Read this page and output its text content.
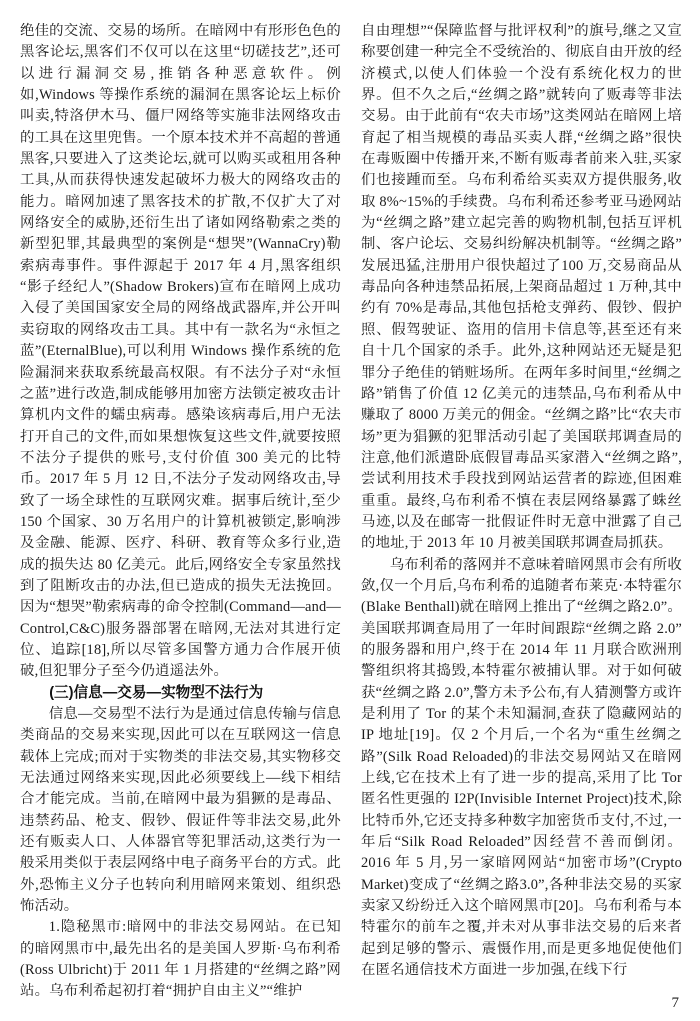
绝佳的交流、交易的场所。在暗网中有形形色色的黑客论坛,黑客们不仅可以在这里“切磋技艺”,还可以进行漏洞交易,推销各种恶意软件。例如,Windows 等操作系统的漏洞在黑客论坛上标价叫卖,特洛伊木马、僵尸网络等实施非法网络攻击的工具在这里兜售。一个原本技术并不高超的普通黑客,只要进入了这类论坛,就可以购买或租用各种工具,从而获得快速发起破坏力极大的网络攻击的能力。暗网加速了黑客技术的扩散,不仅扩大了对网络安全的威胁,还衍生出了诸如网络勒索之类的新型犯罪,其最典型的案例是“想哭”(WannaCry)勒索病毒事件。事件源起于 2017 年 4 月,黑客组织“影子经纪人”(Shadow Brokers)宣布在暗网上成功入侵了美国国家安全局的网络战武器库,并公开叫卖窃取的网络攻击工具。其中有一款名为“永恒之蓝”(EternalBlue),可以利用 Windows 操作系统的危险漏洞来获取系统最高权限。有不法分子对“永恒之蓝”进行改造,制成能够用加密方法锁定被攻击计算机内文件的蠕虫病毒。感染该病毒后,用户无法打开自己的文件,而如果想恢复这些文件,就要按照不法分子提供的账号,支付价值 300 美元的比特币。2017 年 5 月 12 日,不法分子发动网络攻击,导致了一场全球性的互联网灾难。据事后统计,至少 150 个国家、30 万名用户的计算机被锁定,影响涉及金融、能源、医疗、科研、教育等众多行业,造成的损失达 80 亿美元。此后,网络安全专家虽然找到了阻断攻击的办法,但已造成的损失无法挽回。因为“想哭”勒索病毒的命令控制(Command—and—Control,C&C)服务器部署在暗网,无法对其进行定位、追踪[18],所以尽管多国警方通力合作展开侦破,但犯罪分子至今仍逍遥法外。

(三)信息—交易—实物型不法行为

信息—交易型不法行为是通过信息传输与信息类商品的交易来实现,因此可以在互联网这一信息载体上完成;而对于实物类的非法交易,其实物移交无法通过网络来实现,因此必须要线上—线下相结合才能完成。当前,在暗网中最为猖獗的是毒品、违禁药品、枪支、假钞、假证件等非法交易,此外还有贩卖人口、人体器官等犯罪活动,这类行为一般采用类似于表层网络中电子商务平台的方式。此外,恐怖主义分子也转向利用暗网来策划、组织恐怖活动。

1.隐秘黑市:暗网中的非法交易网站。在已知的暗网黑市中,最先出名的是美国人罗斯·乌布利希(Ross Ulbricht)于 2011 年 1 月搭建的“丝绸之路”网站。乌布利希起初打着“拥护自由主义”“维护

自由理想”“保障监督与批评权利”的旗号,继之又宣称要创建一种完全不受统治的、彻底自由开放的经济模式,以使人们体验一个没有系统化权力的世界。但不久之后,“丝绸之路”就转向了贩毒等非法交易。由于此前有“农夫市场”这类网站在暗网上培育起了相当规模的毒品买卖人群,“丝绸之路”很快在毒贩圈中传播开来,不断有贩毒者前来入驻,买家们也接踵而至。乌布利希给买卖双方提供服务,收取 8%~15%的手续费。乌布利希还参考亚马逊网站为“丝绸之路”建立起完善的购物机制,包括互评机制、客户论坛、交易纠纷解决机制等。“丝绸之路”发展迅猛,注册用户很快超过了100 万,交易商品从毒品向各种违禁品拓展,上架商品超过 1 万种,其中约有 70%是毒品,其他包括枪支弹药、假钞、假护照、假驾驶证、盗用的信用卡信息等,甚至还有来自十几个国家的杀手。此外,这种网站还无疑是犯罪分子绝佳的销赃场所。在两年多时间里,“丝绸之路”销售了价值 12 亿美元的违禁品,乌布利希从中赚取了 8000 万美元的佣金。“丝绸之路”比“农夫市场”更为猖獗的犯罪活动引起了美国联邦调查局的注意,他们派遣卧底假冒毒品买家潜入“丝绸之路”,尝试利用技术手段找到网站运营者的踪迹,但困难重重。最终,乌布利希不慎在表层网络暴露了蛛丝马迹,以及在邮寄一批假证件时无意中泄露了自己的地址,于 2013 年 10 月被美国联邦调查局抓获。

乌布利希的落网并不意味着暗网黑市会有所收敛,仅一个月后,乌布利希的追随者布莱克·本特霍尔(Blake Benthall)就在暗网上推出了“丝绸之路2.0”。美国联邦调查局用了一年时间跟踪“丝绸之路 2.0”的服务器和用户,终于在 2014 年 11 月联合欧洲刑警组织将其捣毁,本特霍尔被捕认罪。对于如何破获“丝绸之路 2.0”,警方未予公布,有人猜测警方或许是利用了 Tor 的某个未知漏洞,查获了隐藏网站的 IP 地址[19]。仅 2 个月后,一个名为“重生丝绸之路”(Silk Road Reloaded)的非法交易网站又在暗网上线,它在技术上有了进一步的提高,采用了比 Tor 匿名性更强的 I2P(Invisible Internet Project)技术,除比特币外,它还支持多种数字加密货币支付,不过,一年后“Silk Road Reloaded”因经营不善而倒闭。2016 年 5 月,另一家暗网网站“加密市场”(Crypto Market)变成了“丝绸之路3.0”,各种非法交易的买家卖家又纷纷迁入这个暗网黑市[20]。乌布利希与本特霍尔的前车之覆,并未对从事非法交易的后来者起到足够的警示、震慑作用,而是更多地促使他们在匿名通信技术方面进一步加强,在线下行

7
